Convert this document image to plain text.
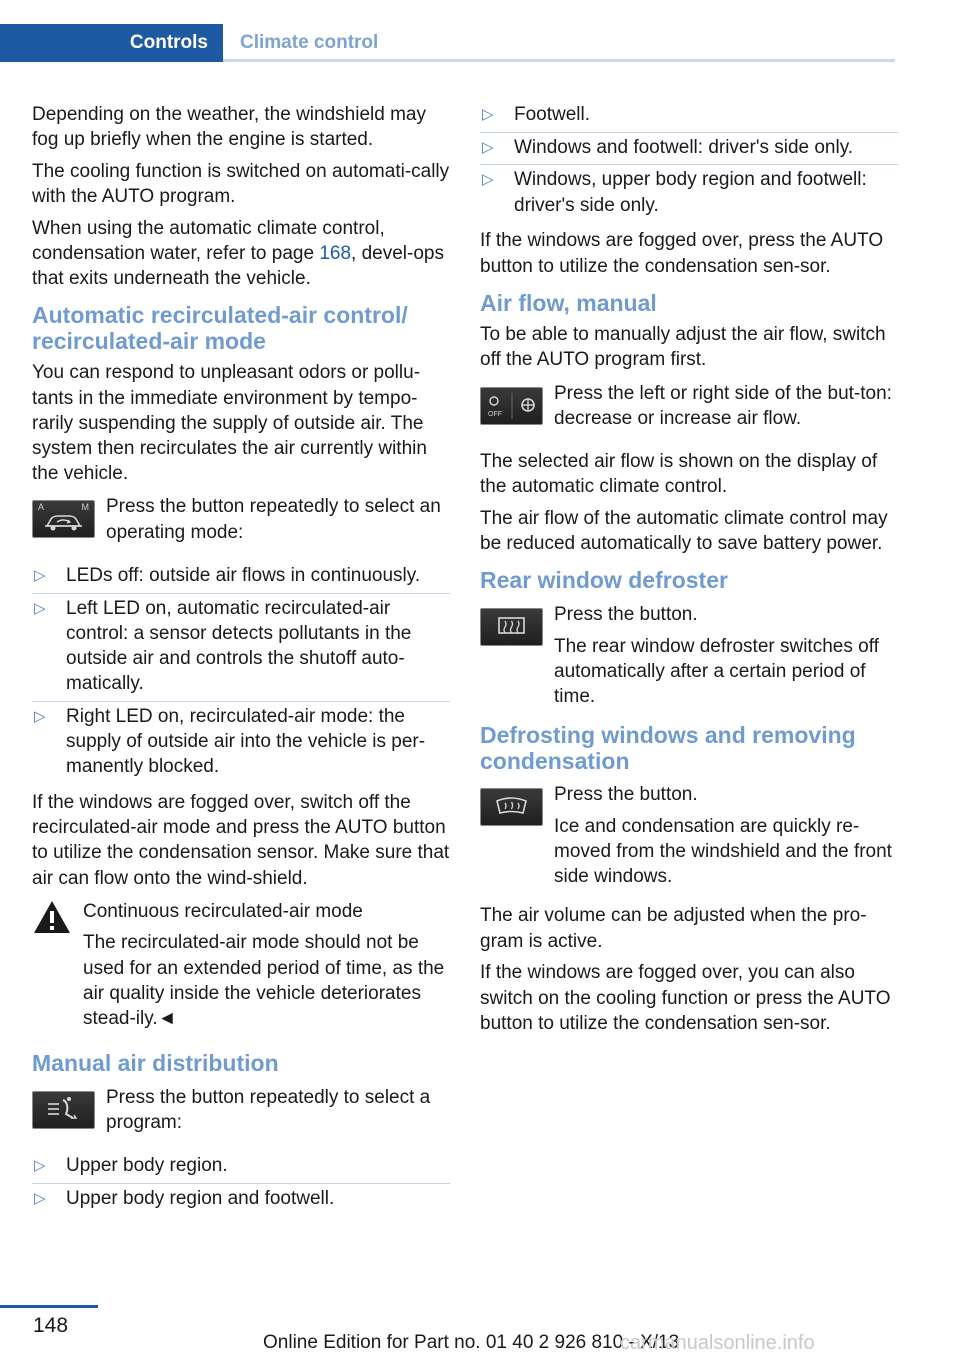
Controls Climate control

Depending on the weather, the windshield may fog up briefly when the engine is started.

The cooling function is switched on automati‐cally with the AUTO program.

When using the automatic climate control, condensation water, refer to page 168, devel‐ops that exits underneath the vehicle.

Automatic recirculated-air control/ recirculated-air mode

You can respond to unpleasant odors or pollu‐tants in the immediate environment by tempo‐rarily suspending the supply of outside air. The system then recirculates the air currently within the vehicle.

A	M Press the button repeatedly to select an operating mode:

▷ LEDs off: outside air flows in continuously.
▷ Left LED on, automatic recirculated-air control: a sensor detects pollutants in the outside air and controls the shutoff auto‐matically.
▷ Right LED on, recirculated-air mode: the supply of outside air into the vehicle is per‐manently blocked.

If the windows are fogged over, switch off the recirculated-air mode and press the AUTO button to utilize the condensation sensor. Make sure that air can flow onto the wind‐shield.

Continuous recirculated-air mode
The recirculated-air mode should not be used for an extended period of time, as the air quality inside the vehicle deteriorates stead‐ily.◄
Manual air distribution

Press the button repeatedly to select a program:

▷ Upper body region.
▷ Upper body region and footwell.
▷ Footwell.
▷ Windows and footwell: driver's side only.
▷ Windows, upper body region and footwell: driver's side only.

If the windows are fogged over, press the AUTO button to utilize the condensation sen‐sor.

Air flow, manual

To be able to manually adjust the air flow, switch off the AUTO program first.

OFF

Press the left or right side of the but‐ton: decrease or increase air flow.

The selected air flow is shown on the display of the automatic climate control.

The air flow of the automatic climate control may be reduced automatically to save battery power.

Rear window defroster

Press the button.

The rear window defroster switches off automatically after a certain period of time.

Defrosting windows and removing condensation

Press the button.

Ice and condensation are quickly re‐moved from the windshield and the front side windows.

The air volume can be adjusted when the pro‐gram is active.

If the windows are fogged over, you can also switch on the cooling function or press the AUTO button to utilize the condensation sen‐sor.

148
Online Edition for Part no. 01 40 2 926 810 - X/13
carmanualsonline.info
